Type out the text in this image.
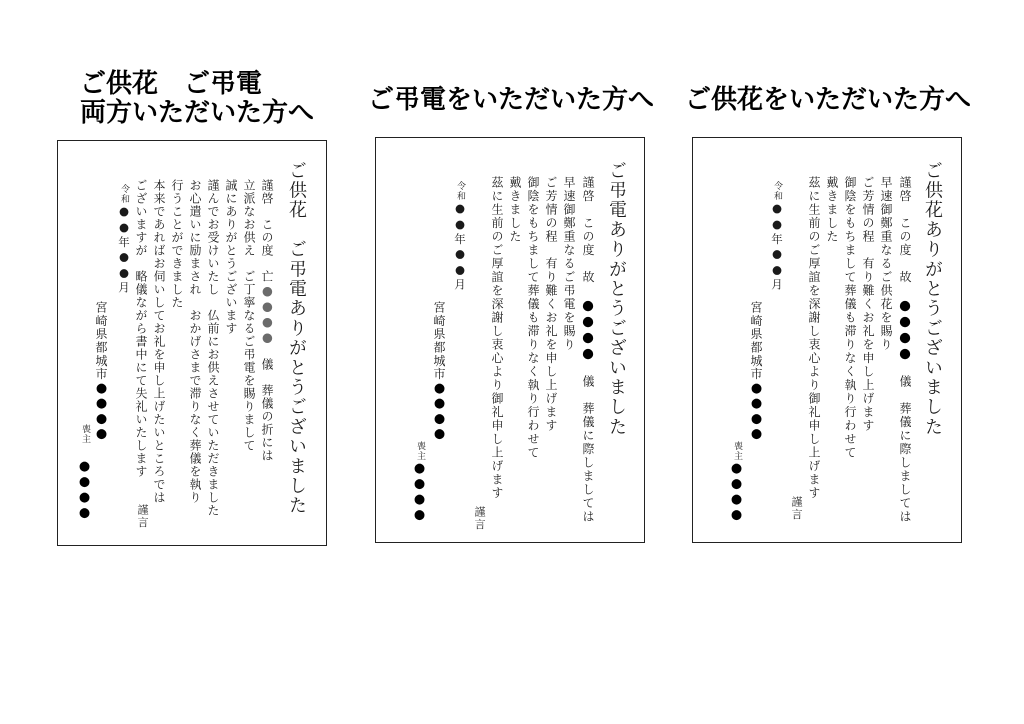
ご供花　ご弔電
両方いただいた方へ
ご供花　ご弔電ありがとうございました
謹啓　この度　亡●●●●　儀　葬儀の折には
立派なお供え　ご丁寧なるご弔電を賜りまして
誠にありがとうございます
謹んでお受けいたし　仏前にお供えさせていただきました
お心遣いに励まされ　おかげさまで滞りなく葬儀を執り
行うことができました
本来であればお伺いしてお礼を申し上げたいところでは
ございますが　略儀ながら書中にて失礼いたします
謹言
令和●●年●●月
宮崎県都城市●●●●
喪主
●●●●
ご弔電をいただいた方へ
ご弔電ありがとうございました
謹啓　この度　故　●●●●　儀　葬儀に際しましては
早速御鄭重なるご弔電を賜り
ご芳情の程　有り難くお礼を申し上げます
御陰をもちまして葬儀も滞りなく執り行わせて
戴きました
茲に生前のご厚誼を深謝し衷心より御礼申し上げます
謹言
令和●●年●●月
宮崎県都城市●●●●
喪主
●●●●
ご供花をいただいた方へ
ご供花ありがとうございました
謹啓　この度　故　●●●●　儀　葬儀に際しましては
早速御鄭重なるご供花を賜り
ご芳情の程　有り難くお礼を申し上げます
御陰をもちまして葬儀も滞りなく執り行わせて
戴きました
茲に生前のご厚誼を深謝し衷心より御礼申し上げます
謹言
令和●●年●●月
宮崎県都城市●●●●
喪主
●●●●
